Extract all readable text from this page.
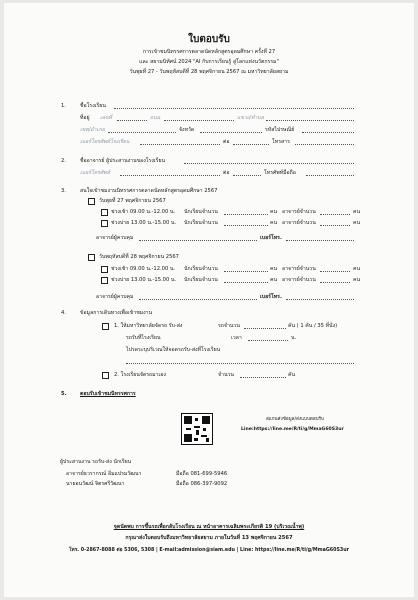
ใบตอบรับ
การเข้าชมนิทรรศการตลาดนัดหลักสูตรอุดมศึกษา ครั้งที่ 27
และ สยามนิทัศน์ 2024 "AI กับการเรียนรู้ สู่โลกแห่งนวัตกรรม"
วันพุธที่ 27 - วันพฤหัสบดีที่ 28 พฤศจิกายน 2567 ณ มหาวิทยาลัยสยาม
1.	ชื่อโรงเรียน
ที่อยู่ เลขที่	ถนน	แขวง/ตำบล
เขต/อำเภอ	จังหวัด	รหัสไปรษณีย์
เบอร์โทรศัพท์โรงเรียน	ต่อ	โทรสาร
2.	ชื่ออาจารย์ ผู้ประสานงานของโรงเรียน
เบอร์โทรศัพท์	ต่อ	โทรศัพท์มือถือ
3.	สนใจเข้าชมงานนิทรรศการตลาดนัดหลักสูตรอุดมศึกษา 2567
วันพุธที่ 27 พฤศจิกายน 2567
ช่วงเช้า 09.00 น.-12.00 น. นักเรียนจำนวน	คน อาจารย์จำนวน	คน
ช่วงบ่าย 13.00 น.-15.00 น. นักเรียนจำนวน	คน อาจารย์จำนวน	คน
อาจารย์ผู้ควบคุม	เบอร์โทร.
วันพฤหัสบดีที่ 28 พฤศจิกายน 2567
ช่วงเช้า 09.00 น.-12.00 น. นักเรียนจำนวน	คน อาจารย์จำนวน	คน
ช่วงบ่าย 13.00 น.-15.00 น. นักเรียนจำนวน	คน อาจารย์จำนวน	คน
อาจารย์ผู้ควบคุม	เบอร์โทร.
4.	ข้อมูลการเดินทางเพื่อเข้าชมงาน
1. ให้มหาวิทยาลัยจัดรถ รับ-ส่ง	รถจำนวน	คัน ( 1 คัน / 35 ที่นั่ง)
รถรับที่ไรงเรียน	เวลา	น.
ไปรดระบุบริเวณให้จอดรถรับ-ส่งที่โรงเรียน
2. โรงเรียนจัดรถมาเอง	จำนวน	คัน
5.	ตอบรับเข้าชมนิทรรศการ
สแกนส่งข้อมูล/ส่งแบบตอบรับ
Line:https://line.me/R/ti/g/MmaG60S3ur
ผู้ประสานงาน รถรับ-ส่ง นักเรียน
อาจารย์ธวรากรณ์ อิ่มแปรมวัฒนา	มือถือ 081-699-5946
นายอนวัฒน์ จิตรศรีวัฒนา	มือถือ 086-397-9092
จุดนัดพบ การขึ้นรถเพื่อกลับโรงเรียน ณ หน้าอาคารเฉลิมพระเกียรติ 19 (บริเวณน้ำพุ)
กรุณาส่งใบตอบรับถึงมหาวิทยาลัยสยาม ภายในวันที่ 13 พฤศจิกายน 2567
โทร. 0-2867-8088 ต่อ 5306, 5308 | E-mail:admission@siam.edu | Line: https://line.me/R/ti/g/MmaG60S3ur
